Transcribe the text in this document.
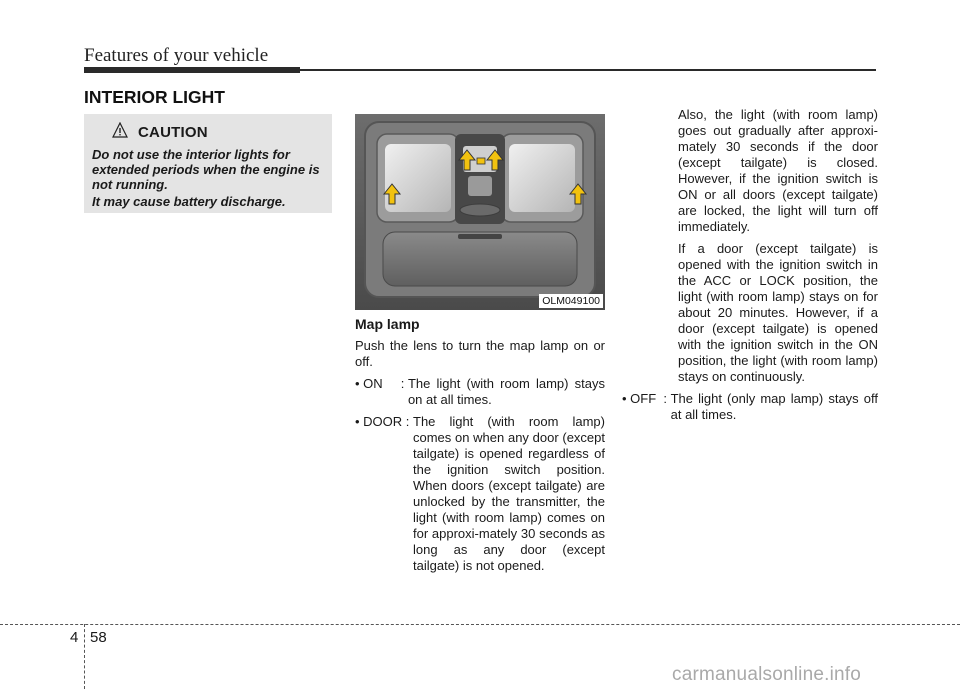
Features of your vehicle
INTERIOR LIGHT
CAUTION

Do not use the interior lights for extended periods when the engine is not running.

It may cause battery discharge.

OLM049100
Map lamp

Push the lens to turn the map lamp on or off.

• ON     : The light (with room lamp) stays on at all times.
• DOOR : The light (with room lamp) comes on when any door (except tailgate) is opened regardless of the ignition switch position. When doors (except tailgate) are unlocked by the transmitter, the light (with room lamp) comes on for approxi-mately 30 seconds as long as any door (except tailgate) is not opened.

Also, the light (with room lamp) goes out gradually after approxi-mately 30 seconds if the door (except tailgate) is closed. However, if the ignition switch is ON or all doors (except tailgate) are locked, the light will turn off immediately.

If a door (except tailgate) is opened with the ignition switch in the ACC or LOCK position, the light (with room lamp) stays on for about 20 minutes. However, if a door (except tailgate) is opened with the ignition switch in the ON position, the light (with room lamp) stays on continuously.

• OFF  : The light (only map lamp) stays off at all times.
4 58
carmanualsonline.info
